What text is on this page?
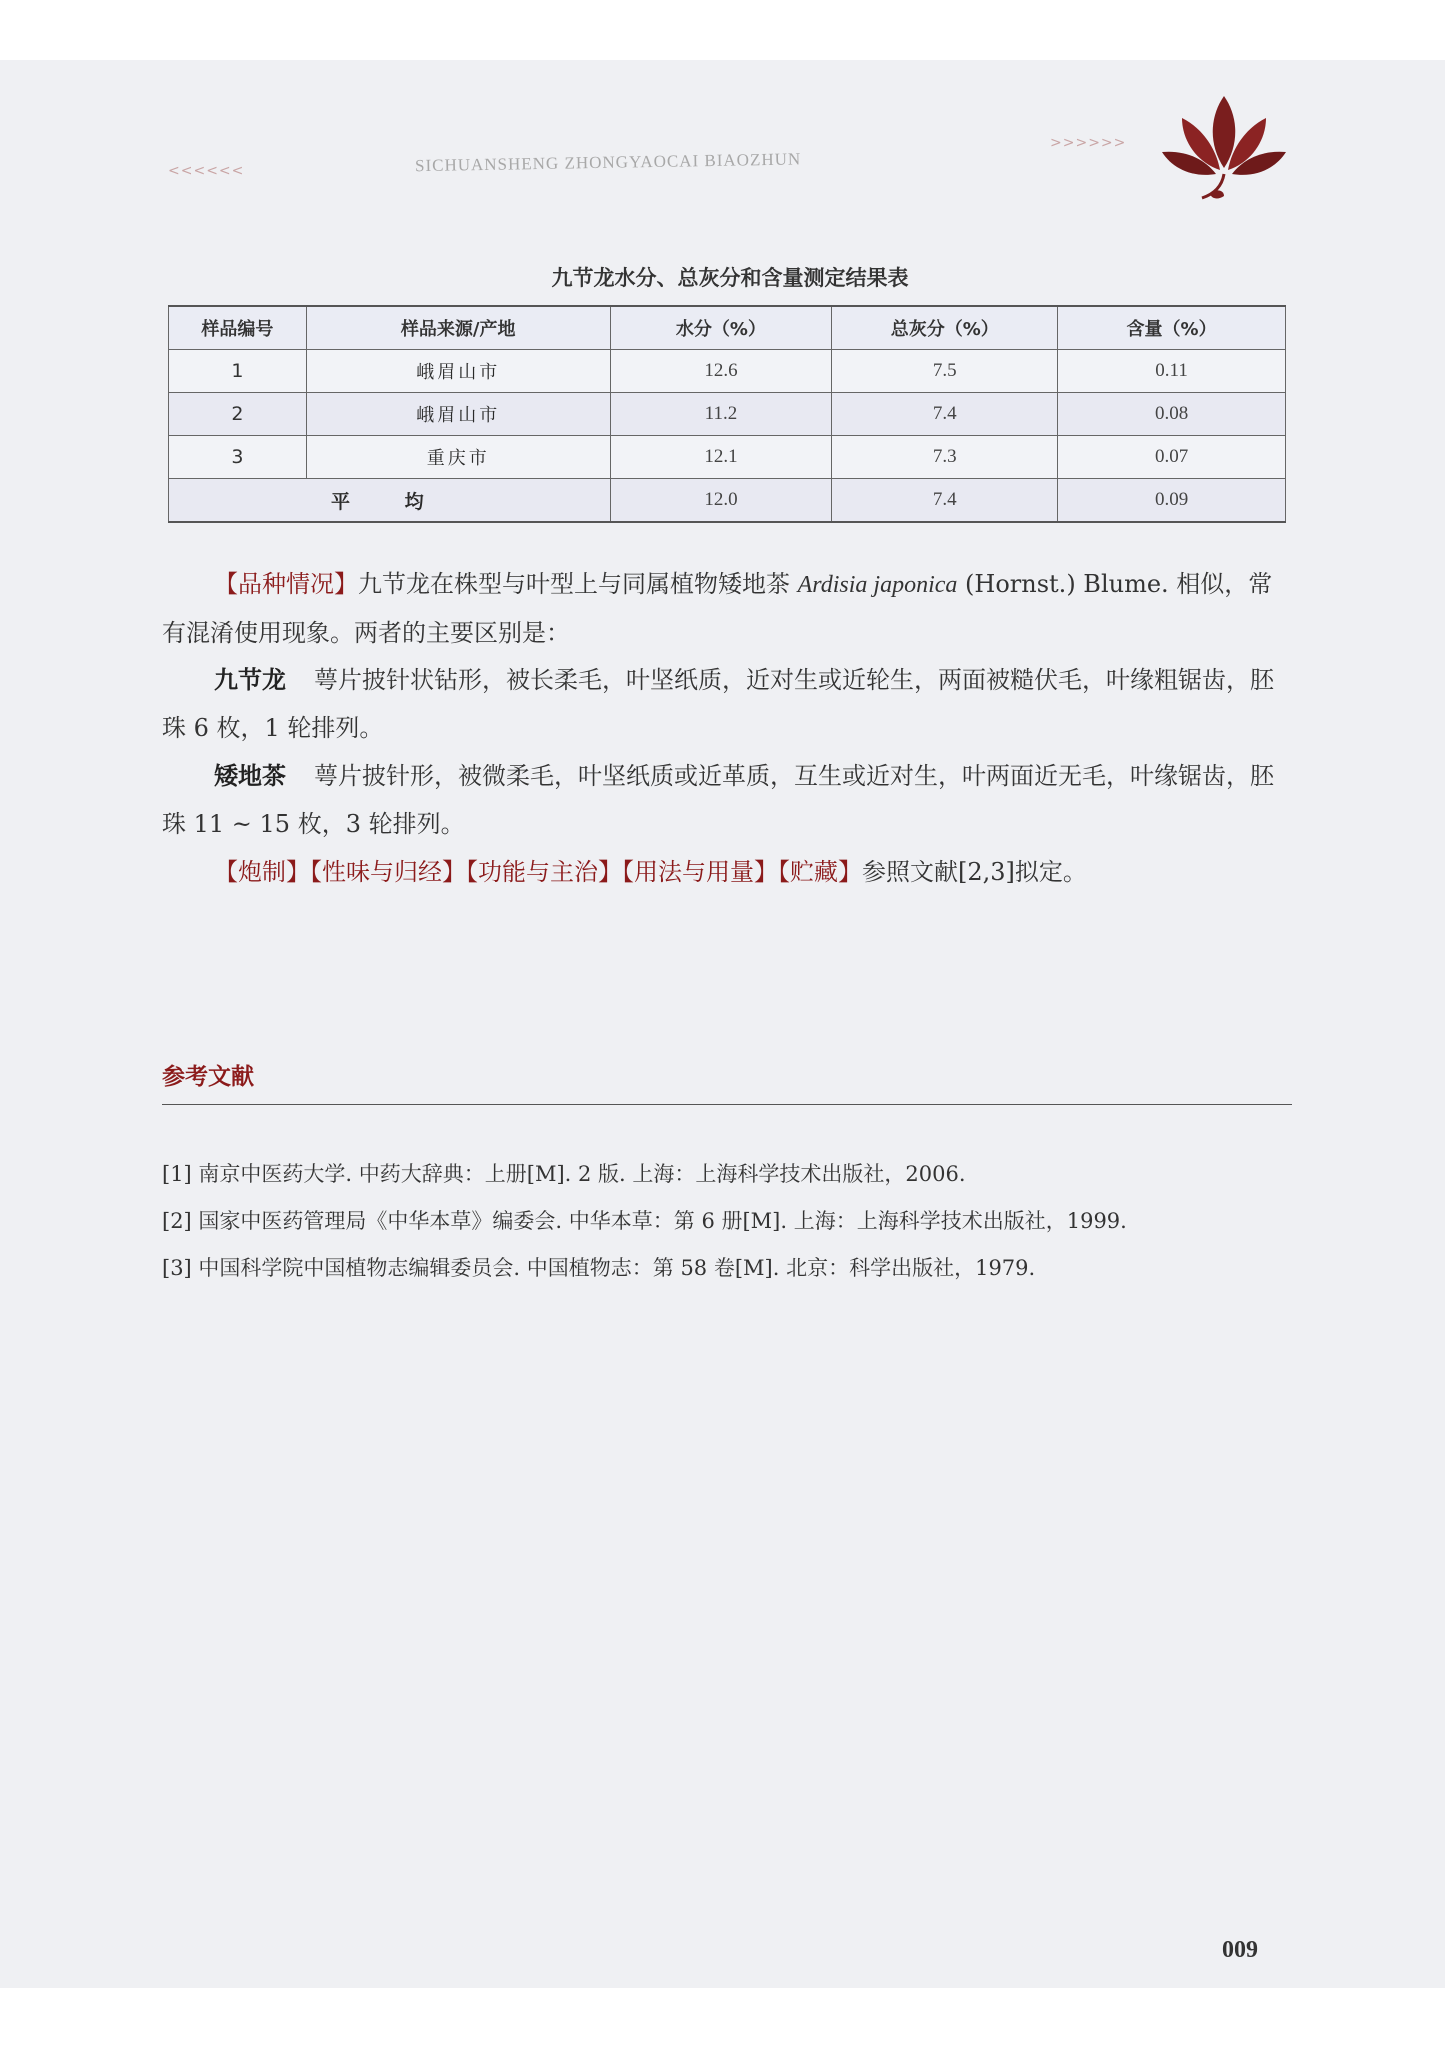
<<<<<<	SICHUANSHENG ZHONGYAOCAI BIAOZHUN
>>>>>>
九节龙水分、总灰分和含量测定结果表
样品编号	样品来源/产地	水分（%）	总灰分（%）	含量（%）
1	峨眉山市	12.6	7.5	0.11
2	峨眉山市	11.2	7.4	0.08
3	重庆市	12.1	7.3	0.07
平 均		12.0	7.4	0.09

【品种情况】九节龙在株型与叶型上与同属植物矮地茶 Ardisia japonica (Hornst.) Blume. 相似，常有混淆使用现象。两者的主要区别是：

九节龙 萼片披针状钻形，被长柔毛，叶坚纸质，近对生或近轮生，两面被糙伏毛，叶缘粗锯齿，胚珠 6 枚，1 轮排列。

矮地茶 萼片披针形，被微柔毛，叶坚纸质或近革质，互生或近对生，叶两面近无毛，叶缘锯齿，胚珠 11 ~ 15 枚，3 轮排列。

【炮制】【性味与归经】【功能与主治】【用法与用量】【贮藏】参照文献[2,3]拟定。

参考文献
[1] 南京中医药大学. 中药大辞典：上册[M]. 2 版. 上海：上海科学技术出版社，2006.
[2] 国家中医药管理局《中华本草》编委会. 中华本草：第 6 册[M]. 上海：上海科学技术出版社，1999.
[3] 中国科学院中国植物志编辑委员会. 中国植物志：第 58 卷[M]. 北京：科学出版社，1979.
009
